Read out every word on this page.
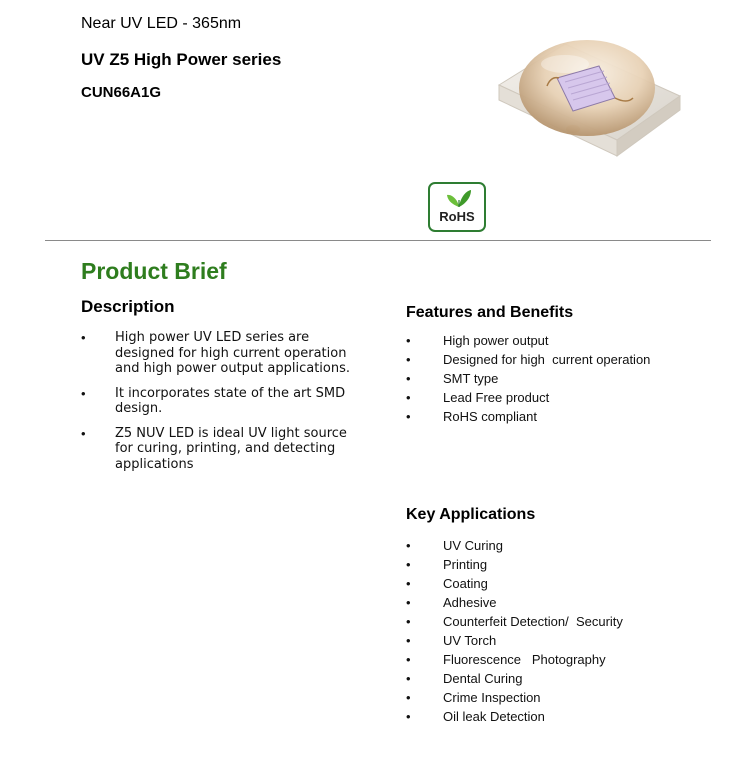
Near UV LED - 365nm
UV Z5 High Power series
CUN66A1G
RoHS
Product Brief
Description
• High power UV LED series are designed for high current operation and high power output applications.
• It incorporates state of the art SMD design.
• Z5 NUV LED is ideal UV light source for curing, printing, and detecting applications
Features and Benefits
• High power output
• Designed for high  current operation
• SMT type
• Lead Free product
• RoHS compliant
Key Applications
• UV Curing
• Printing
• Coating
• Adhesive
• Counterfeit Detection/  Security
• UV Torch
• Fluorescence   Photography
• Dental Curing
• Crime Inspection
• Oil leak Detection
